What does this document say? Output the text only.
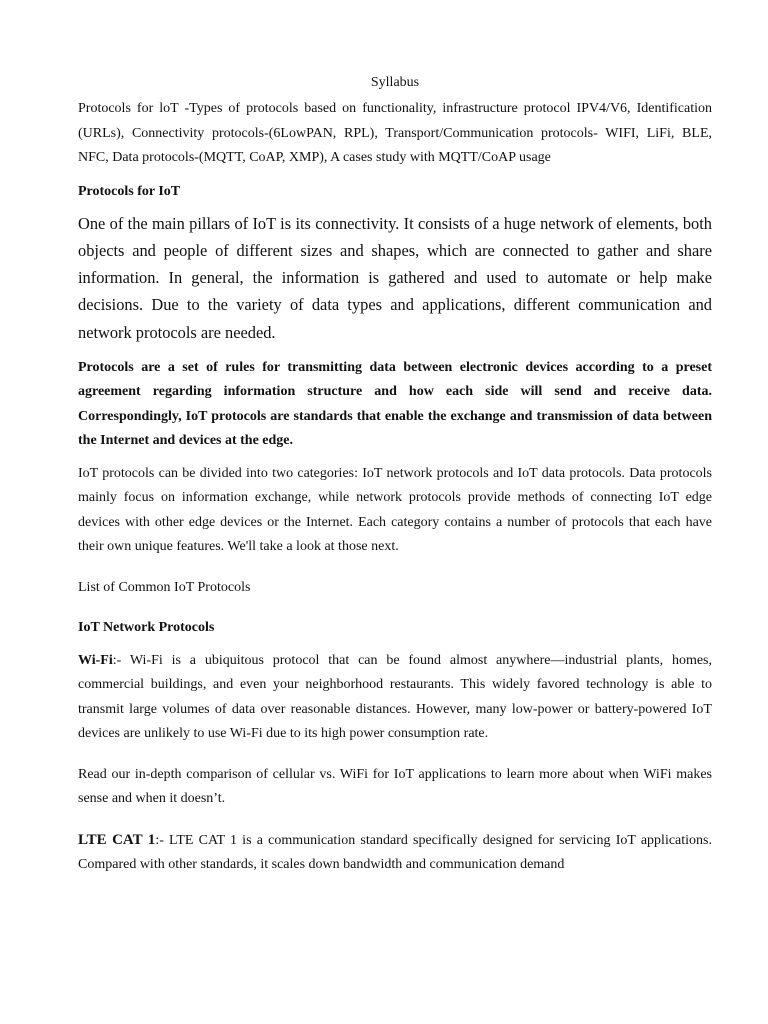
Syllabus

Protocols for loT -Types of protocols based on functionality, infrastructure protocol IPV4/V6, Identification (URLs), Connectivity protocols-(6LowPAN, RPL), Transport/Communication protocols- WIFI, LiFi, BLE, NFC, Data protocols-(MQTT, CoAP, XMP), A cases study with MQTT/CoAP usage

Protocols for IoT

One of the main pillars of IoT is its connectivity. It consists of a huge network of elements, both objects and people of different sizes and shapes, which are connected to gather and share information. In general, the information is gathered and used to automate or help make decisions. Due to the variety of data types and applications, different communication and network protocols are needed.

Protocols are a set of rules for transmitting data between electronic devices according to a preset agreement regarding information structure and how each side will send and receive data. Correspondingly, IoT protocols are standards that enable the exchange and transmission of data between the Internet and devices at the edge.

IoT protocols can be divided into two categories: IoT network protocols and IoT data protocols. Data protocols mainly focus on information exchange, while network protocols provide methods of connecting IoT edge devices with other edge devices or the Internet. Each category contains a number of protocols that each have their own unique features. We'll take a look at those next.

List of Common IoT Protocols

IoT Network Protocols

Wi-Fi:- Wi-Fi is a ubiquitous protocol that can be found almost anywhere—industrial plants, homes, commercial buildings, and even your neighborhood restaurants. This widely favored technology is able to transmit large volumes of data over reasonable distances. However, many low-power or battery-powered IoT devices are unlikely to use Wi-Fi due to its high power consumption rate.

Read our in-depth comparison of cellular vs. WiFi for IoT applications to learn more about when WiFi makes sense and when it doesn’t.

LTE CAT 1:- LTE CAT 1 is a communication standard specifically designed for servicing IoT applications. Compared with other standards, it scales down bandwidth and communication demand
